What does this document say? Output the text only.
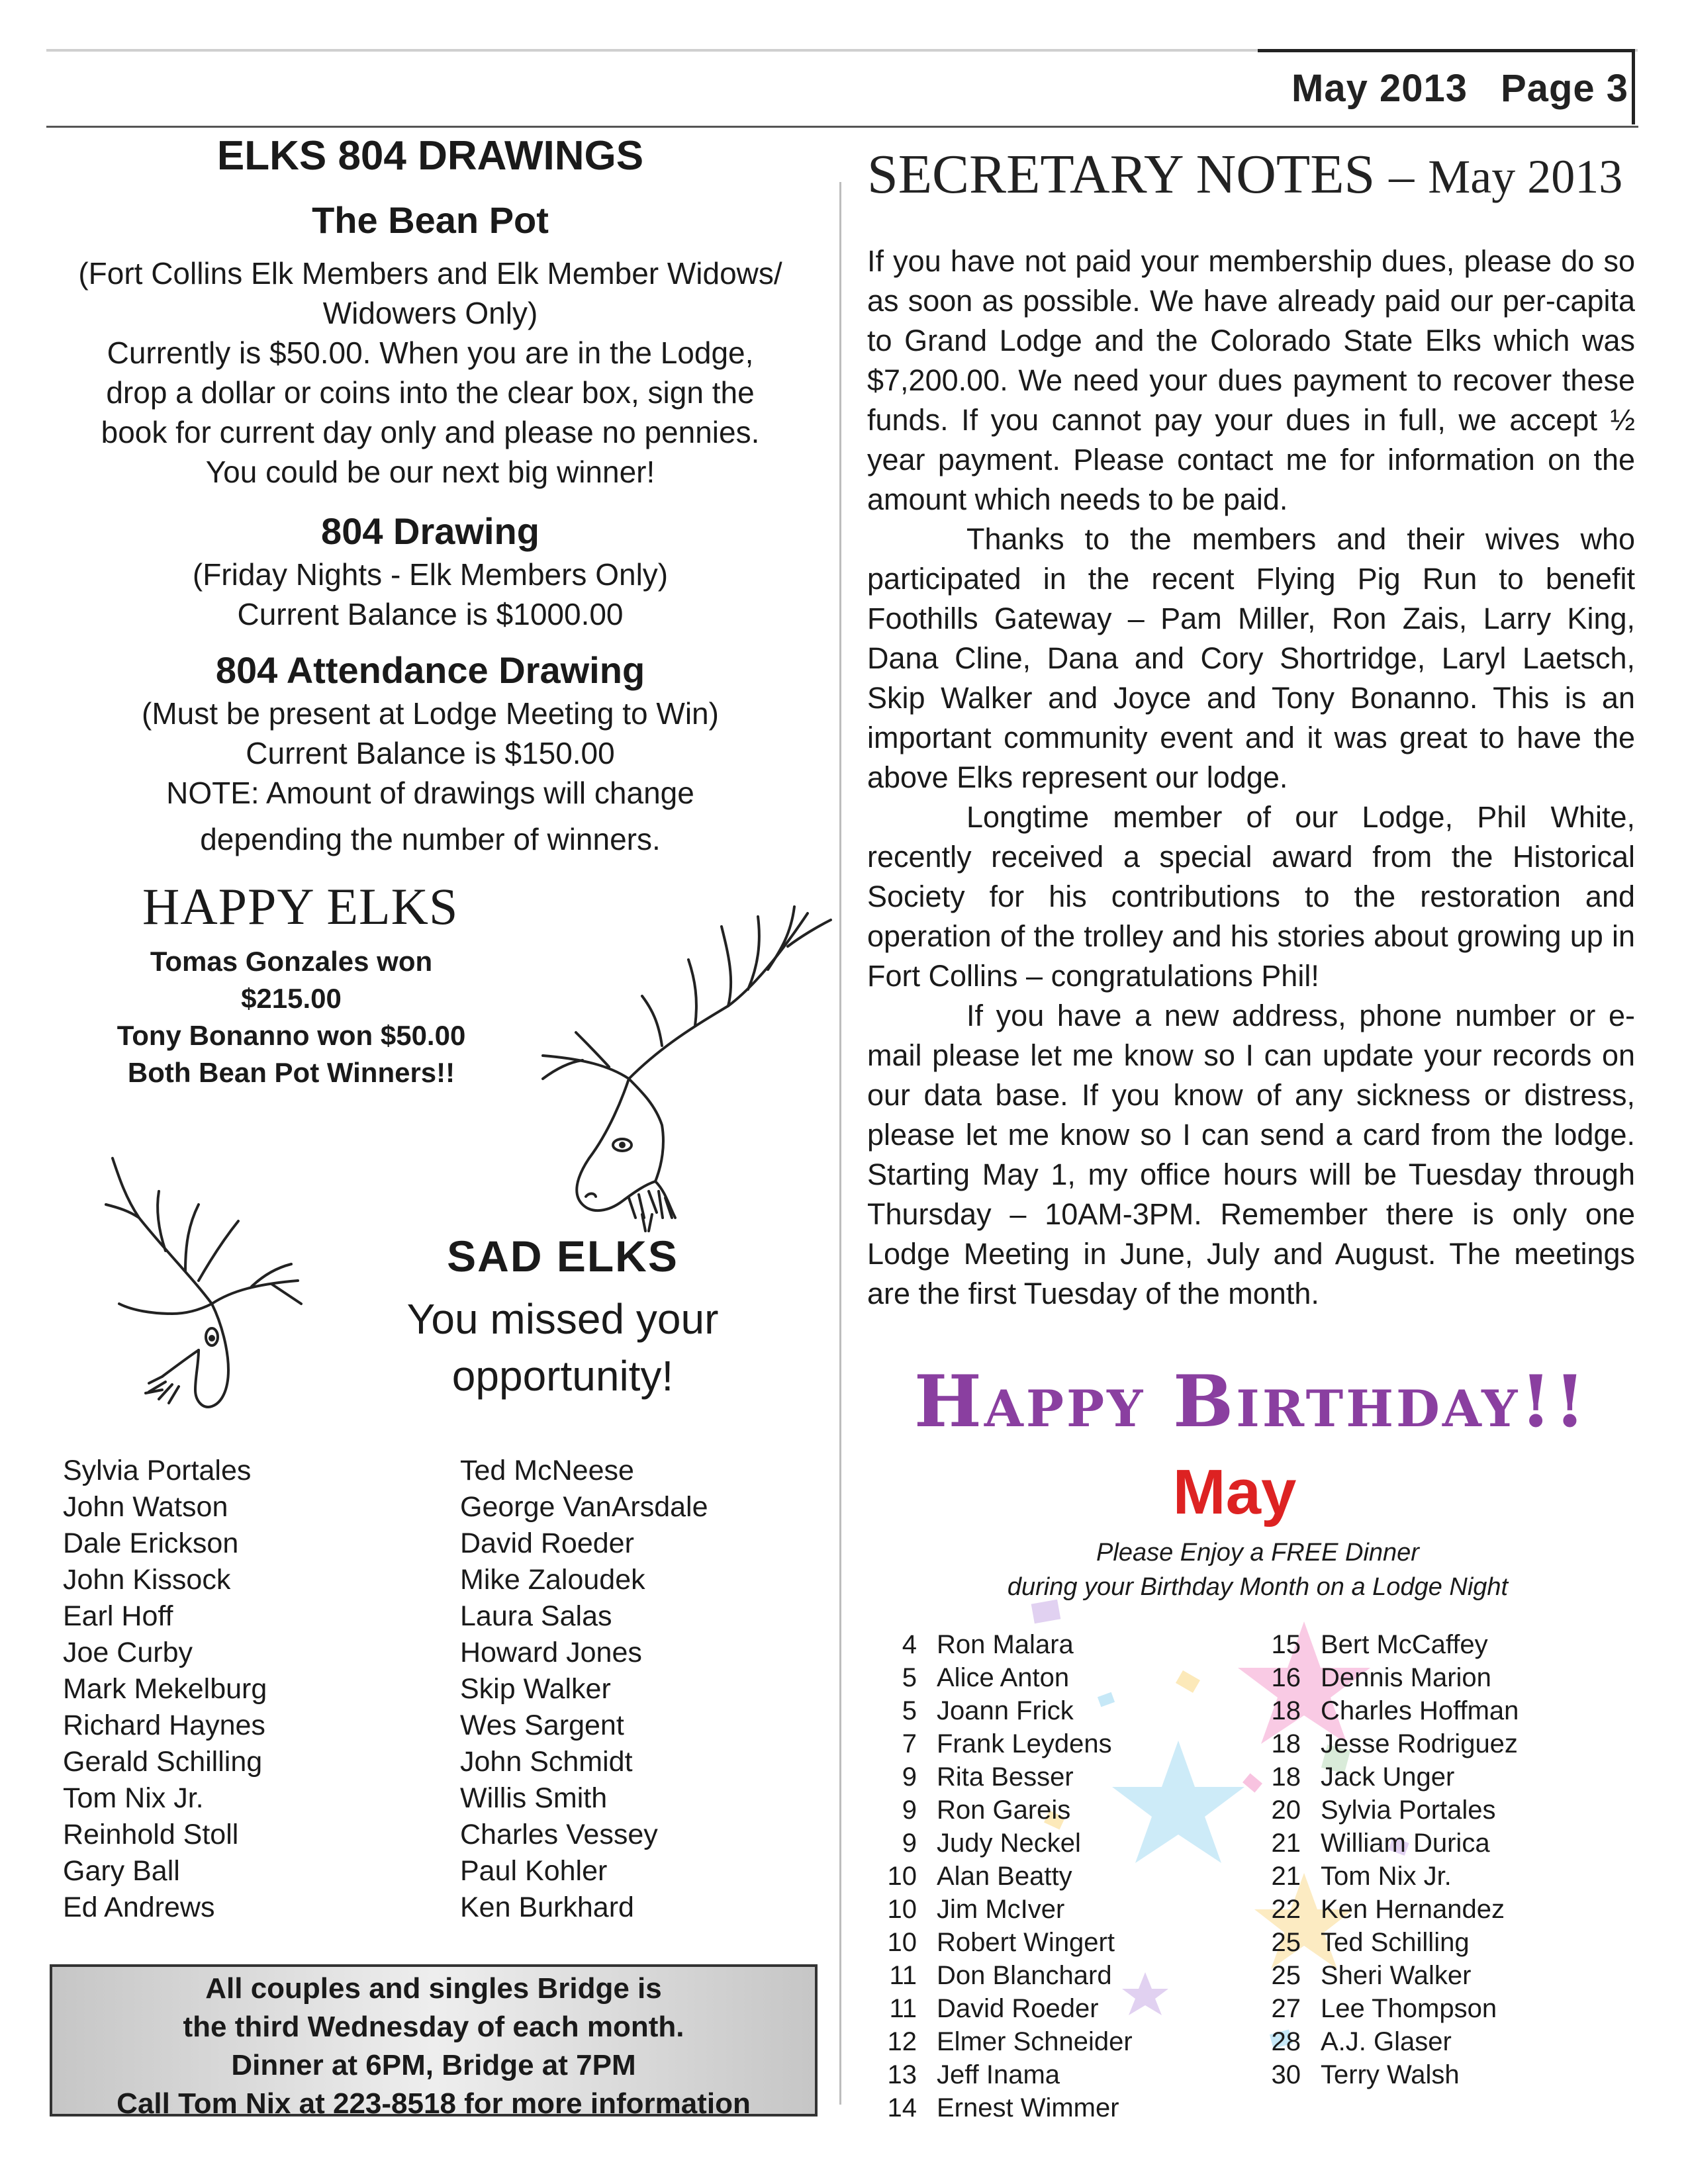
May 2013 Page 3
ELKS 804 DRAWINGS
The Bean Pot
(Fort Collins Elk Members and Elk Member Widows/
Widowers Only)
Currently is $50.00. When you are in the Lodge,
drop a dollar or coins into the clear box, sign the
book for current day only and please no pennies.
You could be our next big winner!
804 Drawing
(Friday Nights - Elk Members Only)
Current Balance is $1000.00
804 Attendance Drawing
(Must be present at Lodge Meeting to Win)
Current Balance is $150.00
NOTE: Amount of drawings will change
depending the number of winners.
HAPPY ELKS
Tomas Gonzales won
$215.00
Tony Bonanno won $50.00
Both Bean Pot Winners!!
SAD ELKS
You missed your
opportunity!
Sylvia Portales
John Watson
Dale Erickson
John Kissock
Earl Hoff
Joe Curby
Mark Mekelburg
Richard Haynes
Gerald Schilling
Tom Nix Jr.
Reinhold Stoll
Gary Ball
Ed Andrews
Ted McNeese
George VanArsdale
David Roeder
Mike Zaloudek
Laura Salas
Howard Jones
Skip Walker
Wes Sargent
John Schmidt
Willis Smith
Charles Vessey
Paul Kohler
Ken Burkhard
All couples and singles Bridge is
the third Wednesday of each month.
Dinner at 6PM, Bridge at 7PM
Call Tom Nix at 223-8518 for more information
SECRETARY NOTES – May 2013

If you have not paid your membership dues, please do so as soon as possible. We have already paid our per-capita to Grand Lodge and the Colorado State Elks which was $7,200.00. We need your dues payment to recover these funds. If you cannot pay your dues in full, we accept ½ year payment. Please contact me for information on the amount which needs to be paid.

Thanks to the members and their wives who participated in the recent Flying Pig Run to benefit Foothills Gateway – Pam Miller, Ron Zais, Larry King, Dana Cline, Dana and Cory Shortridge, Laryl Laetsch, Skip Walker and Joyce and Tony Bonanno. This is an important community event and it was great to have the above Elks represent our lodge.

Longtime member of our Lodge, Phil White, recently received a special award from the Historical Society for his contributions to the restoration and operation of the trolley and his stories about growing up in Fort Collins – congratulations Phil!

If you have a new address, phone number or e-mail please let me know so I can update your records on our data base. If you know of any sickness or distress, please let me know so I can send a card from the lodge. Starting May 1, my office hours will be Tuesday through Thursday – 10AM-3PM. Remember there is only one Lodge Meeting in June, July and August. The meetings are the first Tuesday of the month.

Happy Birthday!!
May
Please Enjoy a FREE Dinner
during your Birthday Month on a Lodge Night
4 Ron Malara
5 Alice Anton
5 Joann Frick
7 Frank Leydens
9 Rita Besser
9 Ron Gareis
9 Judy Neckel
10 Alan Beatty
10 Jim McIver
10 Robert Wingert
11 Don Blanchard
11 David Roeder
12 Elmer Schneider
13 Jeff Inama
14 Ernest Wimmer
15 Bert McCaffey
16 Dennis Marion
18 Charles Hoffman
18 Jesse Rodriguez
18 Jack Unger
20 Sylvia Portales
21 William Durica
21 Tom Nix Jr.
22 Ken Hernandez
25 Ted Schilling
25 Sheri Walker
27 Lee Thompson
28 A.J. Glaser
30 Terry Walsh
